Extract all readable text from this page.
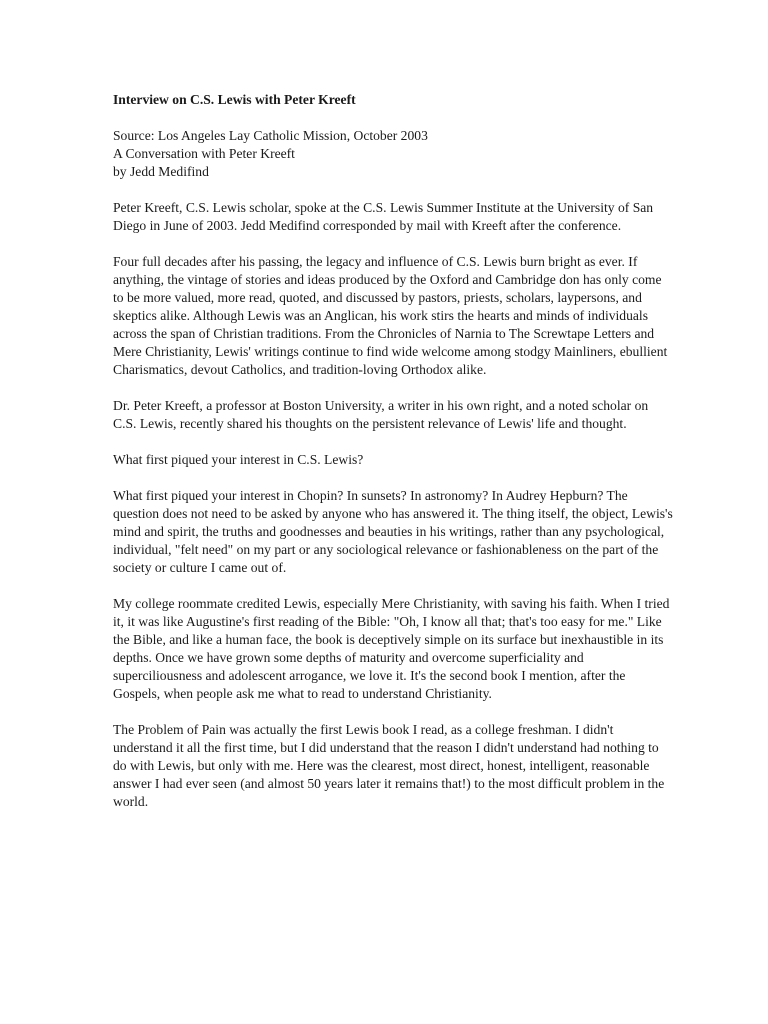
Interview on C.S. Lewis with Peter Kreeft
Source: Los Angeles Lay Catholic Mission, October 2003
A Conversation with Peter Kreeft
by Jedd Medifind

Peter Kreeft, C.S. Lewis scholar, spoke at the C.S. Lewis Summer Institute at the University of San Diego in June of 2003. Jedd Medifind corresponded by mail with Kreeft after the conference.

Four full decades after his passing, the legacy and influence of C.S. Lewis burn bright as ever. If anything, the vintage of stories and ideas produced by the Oxford and Cambridge don has only come to be more valued, more read, quoted, and discussed by pastors, priests, scholars, laypersons, and skeptics alike. Although Lewis was an Anglican, his work stirs the hearts and minds of individuals across the span of Christian traditions. From the Chronicles of Narnia to The Screwtape Letters and Mere Christianity, Lewis' writings continue to find wide welcome among stodgy Mainliners, ebullient Charismatics, devout Catholics, and tradition-loving Orthodox alike.

Dr. Peter Kreeft, a professor at Boston University, a writer in his own right, and a noted scholar on C.S. Lewis, recently shared his thoughts on the persistent relevance of Lewis' life and thought.

What first piqued your interest in C.S. Lewis?

What first piqued your interest in Chopin? In sunsets? In astronomy? In Audrey Hepburn? The question does not need to be asked by anyone who has answered it. The thing itself, the object, Lewis's mind and spirit, the truths and goodnesses and beauties in his writings, rather than any psychological, individual, "felt need" on my part or any sociological relevance or fashionableness on the part of the society or culture I came out of.

My college roommate credited Lewis, especially Mere Christianity, with saving his faith. When I tried it, it was like Augustine's first reading of the Bible: "Oh, I know all that; that's too easy for me." Like the Bible, and like a human face, the book is deceptively simple on its surface but inexhaustible in its depths. Once we have grown some depths of maturity and overcome superficiality and superciliousness and adolescent arrogance, we love it. It's the second book I mention, after the Gospels, when people ask me what to read to understand Christianity.

The Problem of Pain was actually the first Lewis book I read, as a college freshman. I didn't understand it all the first time, but I did understand that the reason I didn't understand had nothing to do with Lewis, but only with me. Here was the clearest, most direct, honest, intelligent, reasonable answer I had ever seen (and almost 50 years later it remains that!) to the most difficult problem in the world.
